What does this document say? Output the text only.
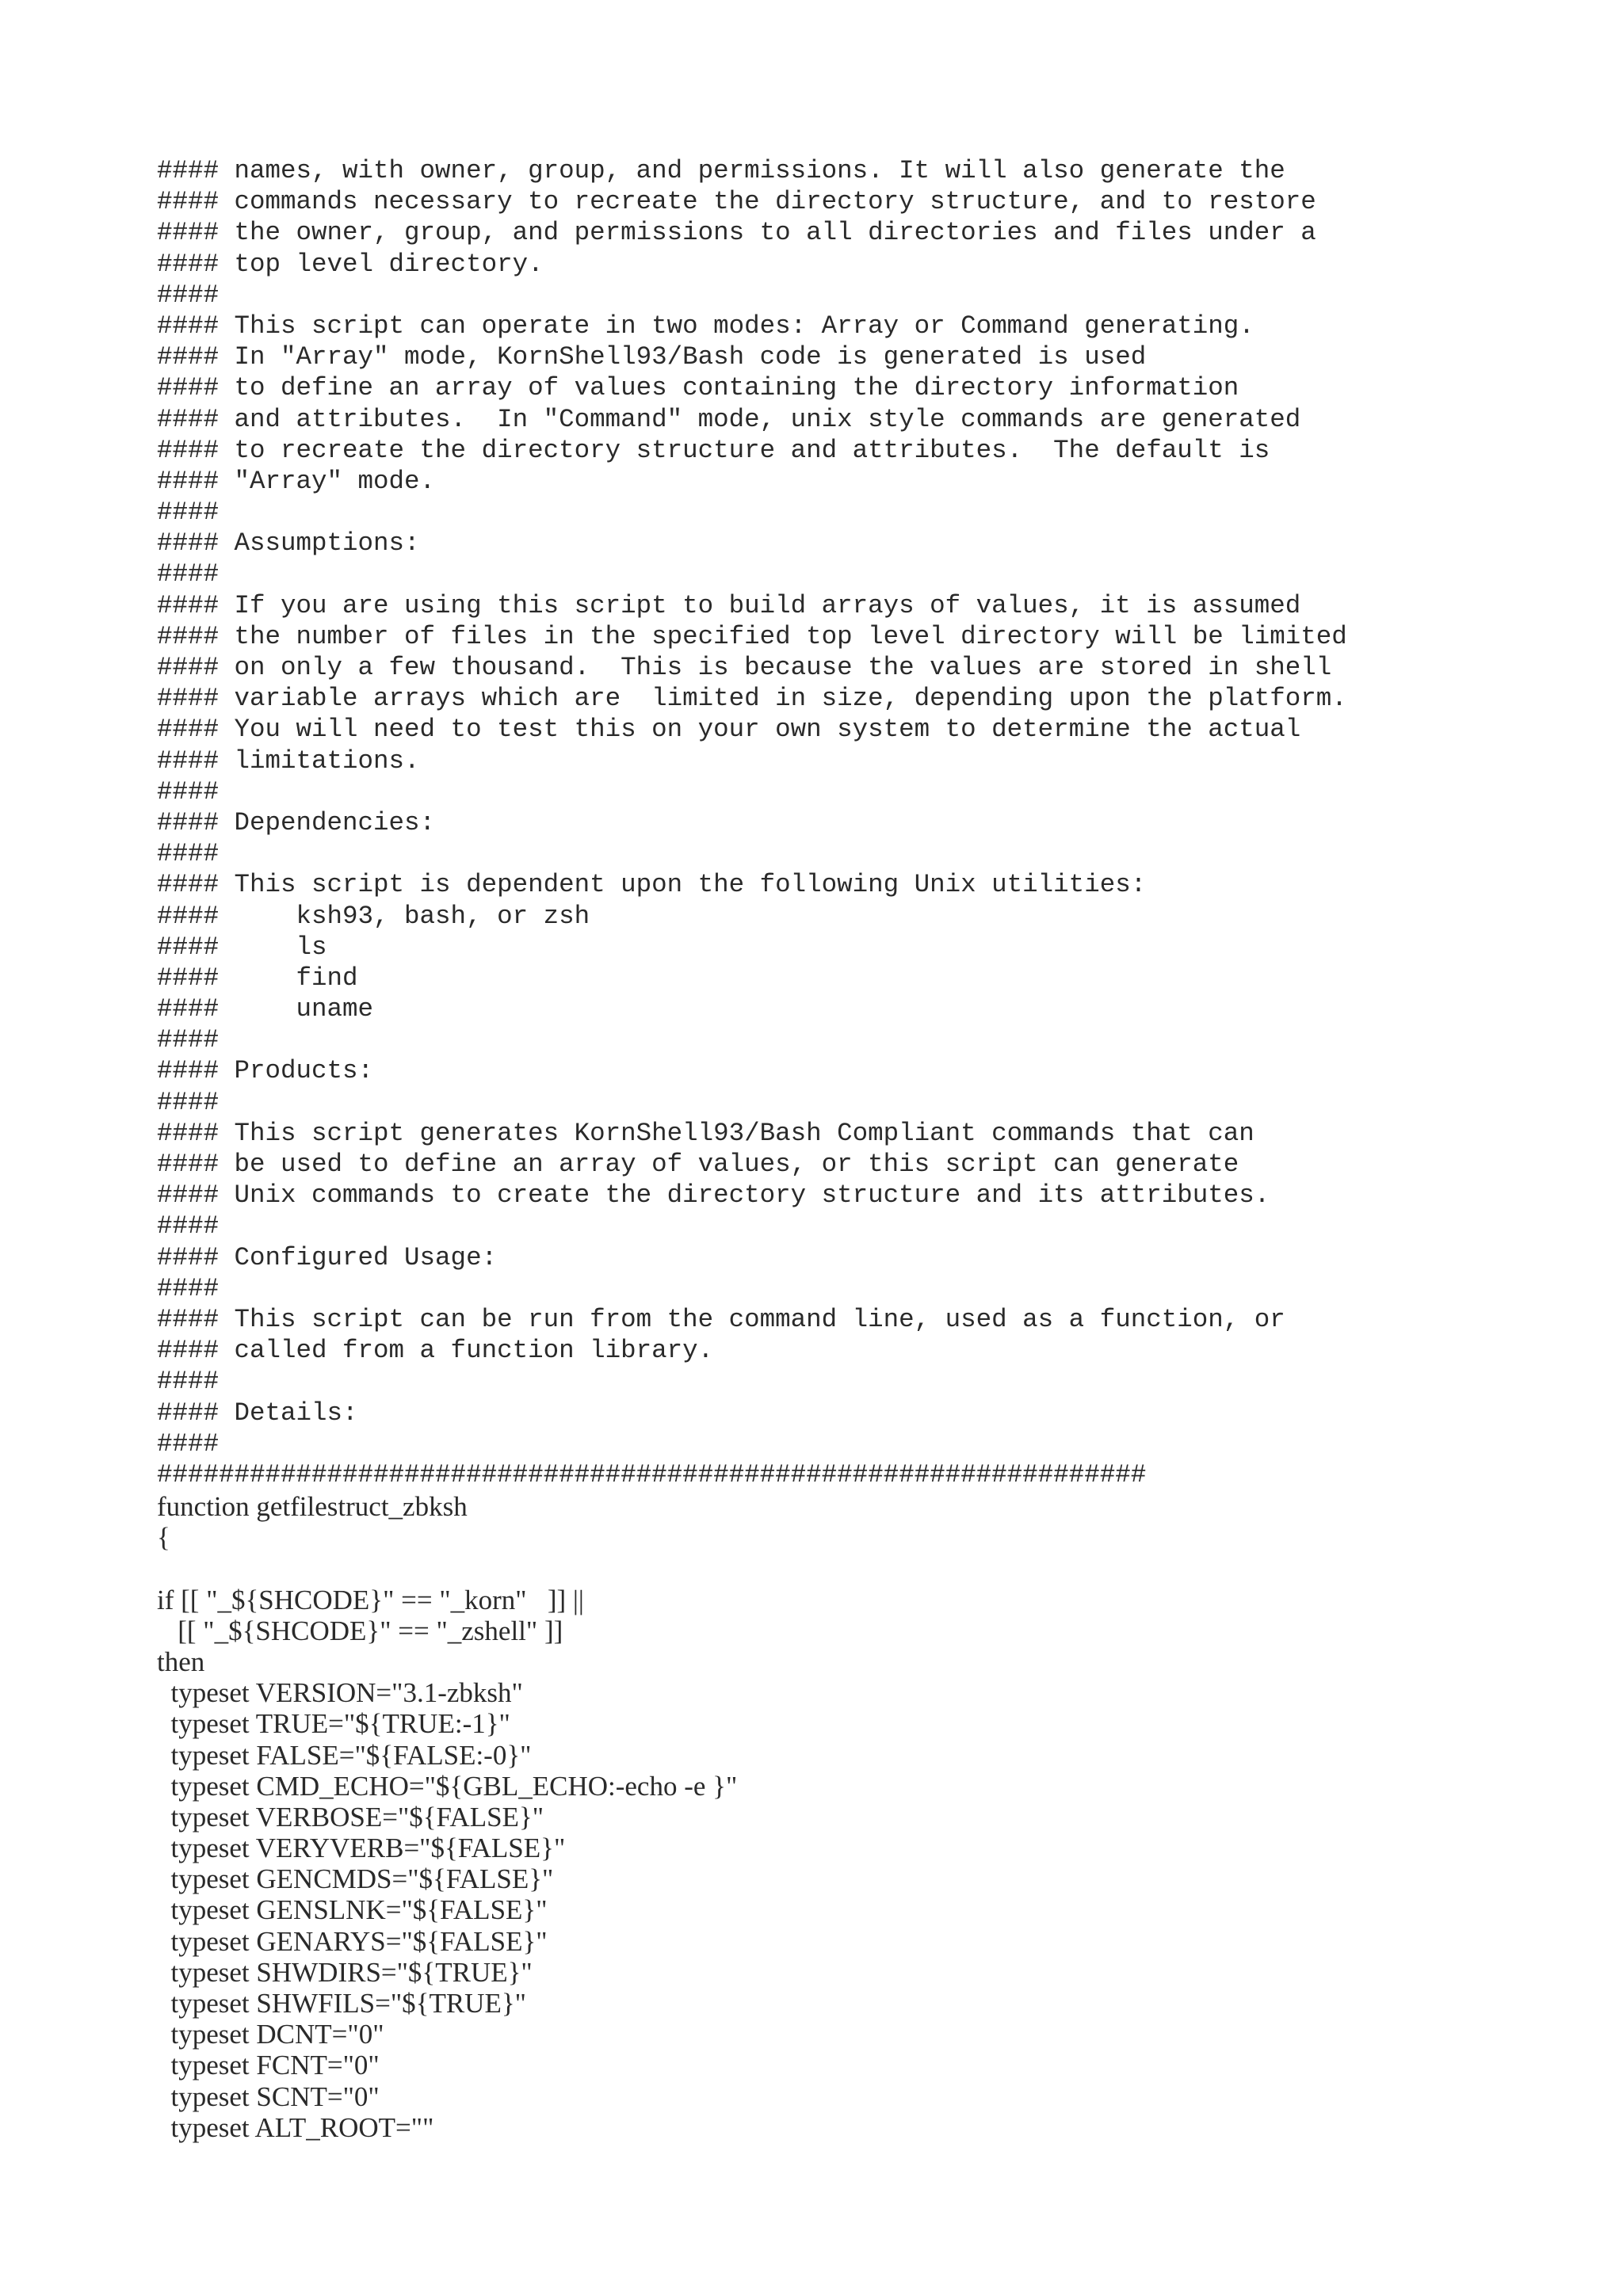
#### names, with owner, group, and permissions. It will also generate the
#### commands necessary to recreate the directory structure, and to restore
#### the owner, group, and permissions to all directories and files under a
#### top level directory.
####
#### This script can operate in two modes: Array or Command generating.
#### In "Array" mode, KornShell93/Bash code is generated is used
#### to define an array of values containing the directory information
#### and attributes.  In "Command" mode, unix style commands are generated
#### to recreate the directory structure and attributes.  The default is
#### "Array" mode.
####
#### Assumptions:
####
#### If you are using this script to build arrays of values, it is assumed
#### the number of files in the specified top level directory will be limited
#### on only a few thousand.  This is because the values are stored in shell
#### variable arrays which are  limited in size, depending upon the platform.
#### You will need to test this on your own system to determine the actual
#### limitations.
####
#### Dependencies:
####
#### This script is dependent upon the following Unix utilities:
####     ksh93, bash, or zsh
####     ls
####     find
####     uname
####
#### Products:
####
#### This script generates KornShell93/Bash Compliant commands that can
#### be used to define an array of values, or this script can generate
#### Unix commands to create the directory structure and its attributes.
####
#### Configured Usage:
####
#### This script can be run from the command line, used as a function, or
#### called from a function library.
####
#### Details:
####
################################################################
function getfilestruct_zbksh
{
if [[ "_${SHCODE}" == "_korn"   ]] ||
[[ "_${SHCODE}" == "_zshell" ]]
then
typeset VERSION="3.1-zbksh"
typeset TRUE="${TRUE:-1}"
typeset FALSE="${FALSE:-0}"
typeset CMD_ECHO="${GBL_ECHO:-echo -e }"
typeset VERBOSE="${FALSE}"
typeset VERYVERB="${FALSE}"
typeset GENCMDS="${FALSE}"
typeset GENSLNK="${FALSE}"
typeset GENARYS="${FALSE}"
typeset SHWDIRS="${TRUE}"
typeset SHWFILS="${TRUE}"
typeset DCNT="0"
typeset FCNT="0"
typeset SCNT="0"
typeset ALT_ROOT=""
